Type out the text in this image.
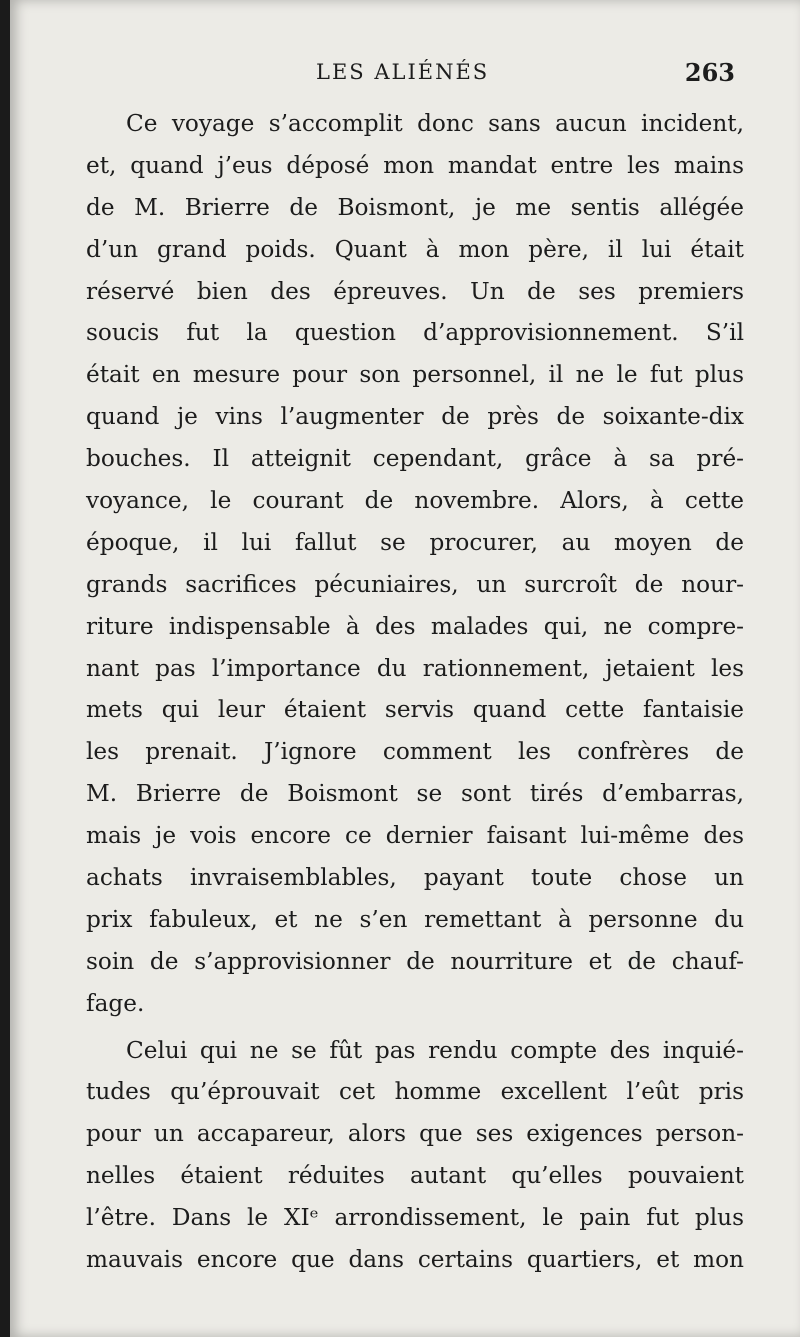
LES ALIÉNÉS	263
Ce voyage s’accomplit donc sans aucun incident,
et, quand j’eus déposé mon mandat entre les mains
de M. Brierre de Boismont, je me sentis allégée
d’un grand poids. Quant à mon père, il lui était
réservé bien des épreuves. Un de ses premiers
soucis fut la question d’approvisionnement. S’il
était en mesure pour son personnel, il ne le fut plus
quand je vins l’augmenter de près de soixante-dix
bouches. Il atteignit cependant, grâce à sa pré-
voyance, le courant de novembre. Alors, à cette
époque, il lui fallut se procurer, au moyen de
grands sacrifices pécuniaires, un surcroît de nour-
riture indispensable à des malades qui, ne compre-
nant pas l’importance du rationnement, jetaient les
mets qui leur étaient servis quand cette fantaisie
les prenait. J’ignore comment les confrères de
M. Brierre de Boismont se sont tirés d’embarras,
mais je vois encore ce dernier faisant lui-même des
achats invraisemblables, payant toute chose un
prix fabuleux, et ne s’en remettant à personne du
soin de s’approvisionner de nourriture et de chauf-
fage.
Celui qui ne se fût pas rendu compte des inquié-
tudes qu’éprouvait cet homme excellent l’eût pris
pour un accapareur, alors que ses exigences person-
nelles étaient réduites autant qu’elles pouvaient
l’être. Dans le XIᵉ arrondissement, le pain fut plus
mauvais encore que dans certains quartiers, et mon
